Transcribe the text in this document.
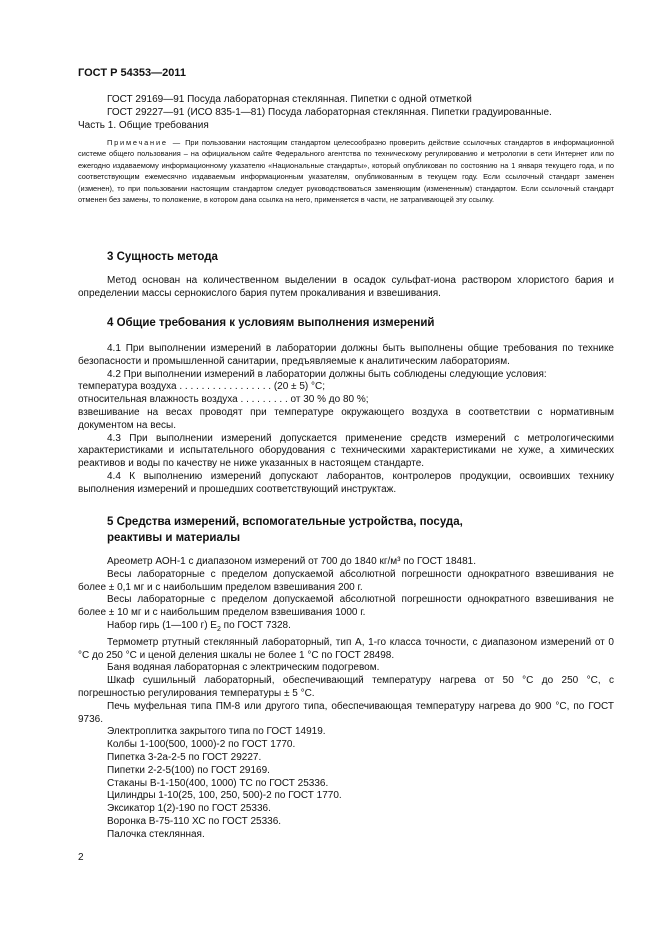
ГОСТ Р 54353—2011

ГОСТ 29169—91 Посуда лабораторная стеклянная. Пипетки с одной отметкой

ГОСТ 29227—91 (ИСО 835-1—81) Посуда лабораторная стеклянная. Пипетки градуированные.

Часть 1. Общие требования

Примечание — При пользовании настоящим стандартом целесообразно проверить действие ссылочных стандартов в информационной системе общего пользования – на официальном сайте Федерального агентства по техническому регулированию и метрологии в сети Интернет или по ежегодно издаваемому информационному указателю «Национальные стандарты», который опубликован по состоянию на 1 января текущего года, и по соответствующим ежемесячно издаваемым информационным указателям, опубликованным в текущем году. Если ссылочный стандарт заменен (изменен), то при пользовании настоящим стандартом следует руководствоваться заменяющим (измененным) стандартом. Если ссылочный стандарт отменен без замены, то положение, в котором дана ссылка на него, применяется в части, не затрагивающей эту ссылку.

3 Сущность метода

Метод основан на количественном выделении в осадок сульфат-иона раствором хлористого бария и определении массы сернокислого бария путем прокаливания и взвешивания.

4 Общие требования к условиям выполнения измерений

4.1 При выполнении измерений в лаборатории должны быть выполнены общие требования по технике безопасности и промышленной санитарии, предъявляемые к аналитическим лабораториям.

4.2 При выполнении измерений в лаборатории должны быть соблюдены следующие условия:

температура воздуха . . . . . . . . . . . . . . . . . (20 ± 5) °C;

относительная влажность воздуха . . . . . . . . . от 30 % до 80 %;

взвешивание на весах проводят при температуре окружающего воздуха в соответствии с нормативным документом на весы.

4.3 При выполнении измерений допускается применение средств измерений с метрологическими характеристиками и испытательного оборудования с техническими характеристиками не хуже, а химических реактивов и воды по качеству не ниже указанных в настоящем стандарте.

4.4 К выполнению измерений допускают лаборантов, контролеров продукции, освоивших технику выполнения измерений и прошедших соответствующий инструктаж.

5 Средства измерений, вспомогательные устройства, посуда,
реактивы и материалы

Ареометр АОН-1 с диапазоном измерений от 700 до 1840 кг/м³ по ГОСТ 18481.

Весы лабораторные с пределом допускаемой абсолютной погрешности однократного взвешивания не более ± 0,1 мг и с наибольшим пределом взвешивания 200 г.

Весы лабораторные с пределом допускаемой абсолютной погрешности однократного взвешивания не более ± 10 мг и с наибольшим пределом взвешивания 1000 г.

Набор гирь (1—100 г) $Е_2$ по ГОСТ 7328.

Термометр ртутный стеклянный лабораторный, тип А, 1-го класса точности, с диапазоном измерений от 0 °C до 250 °C и ценой деления шкалы не более 1 °C по ГОСТ 28498.

Баня водяная лабораторная с электрическим подогревом.

Шкаф сушильный лабораторный, обеспечивающий температуру нагрева от 50 °C до 250 °C, с погрешностью регулирования температуры ± 5 °C.

Печь муфельная типа ПМ-8 или другого типа, обеспечивающая температуру нагрева до 900 °C, по ГОСТ 9736.

Электроплитка закрытого типа по ГОСТ 14919.

Колбы 1-100(500, 1000)-2 по ГОСТ 1770.

Пипетка 3-2а-2-5 по ГОСТ 29227.

Пипетки 2-2-5(100) по ГОСТ 29169.

Стаканы В-1-150(400, 1000) ТС по ГОСТ 25336.

Цилиндры 1-10(25, 100, 250, 500)-2 по ГОСТ 1770.

Эксикатор 1(2)-190 по ГОСТ 25336.

Воронка В-75-110 ХС по ГОСТ 25336.

Палочка стеклянная.

2
